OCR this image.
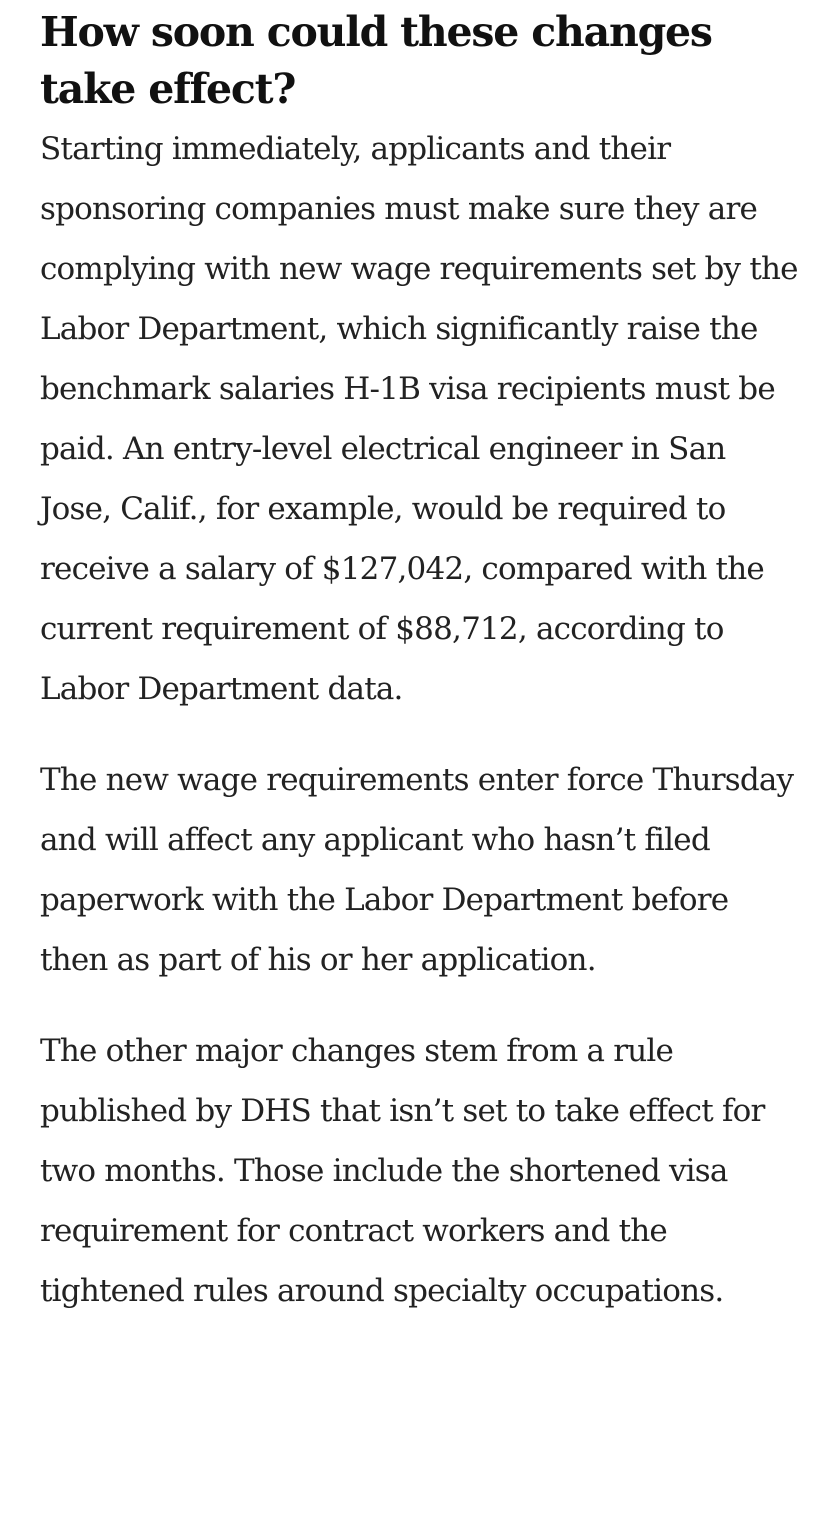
How soon could these changes take effect?

Starting immediately, applicants and their sponsoring companies must make sure they are complying with new wage requirements set by the Labor Department, which significantly raise the benchmark salaries H-1B visa recipients must be paid. An entry-level electrical engineer in San Jose, Calif., for example, would be required to receive a salary of $127,042, compared with the current requirement of $88,712, according to Labor Department data.

The new wage requirements enter force Thursday and will affect any applicant who hasn’t filed paperwork with the Labor Department before then as part of his or her application.

The other major changes stem from a rule published by DHS that isn’t set to take effect for two months. Those include the shortened visa requirement for contract workers and the tightened rules around specialty occupations.
